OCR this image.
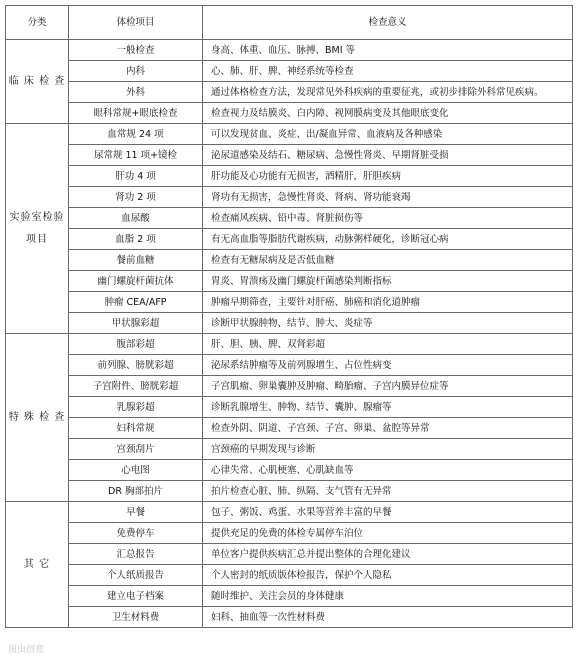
分类	体检项目	检查意义
临 床 检 查	一般检查	身高、体重、血压、脉搏、BMI 等
	内科	心、肺、肝、脾、神经系统等检查
	外科	通过体格检查方法，发现常见外科疾病的重要征兆，或初步排除外科常见疾病。
	眼科常规+眼底检查	检查视力及结膜炎、白内障、视网膜病变及其他眼底变化
实验室检验项目	血常规 24 项	可以发现贫血、炎症、出/凝血异常、血液病及各种感染
	尿常规 11 项+镜检	泌尿道感染及结石、糖尿病、急慢性肾炎、早期肾脏受损
	肝功 4 项	肝功能及心功能有无损害，酒精肝，肝胆疾病
	肾功 2 项	肾功有无损害，急慢性肾炎、肾病、肾功能衰竭
	血尿酸	检查痛风疾病、铅中毒、肾脏损伤等
	血脂 2 项	有无高血脂等脂肪代谢疾病，动脉粥样硬化，诊断冠心病
	餐前血糖	检查有无糖尿病及是否低血糖
	幽门螺旋杆菌抗体	胃炎、胃溃疡及幽门螺旋杆菌感染判断指标
	肿瘤 CEA/AFP	肿瘤早期筛查，主要针对肝癌、肺癌和消化道肿瘤
	甲状腺彩超	诊断甲状腺肿物、结节、肿大、炎症等
特 殊 检 查	腹部彩超	肝、胆、胰、脾、双肾彩超
	前列腺、膀胱彩超	泌尿系结肿瘤等及前列腺增生、占位性病变
	子宫附件、膀胱彩超	子宫肌瘤、卵巢囊肿及肿瘤、畸胎瘤、子宫内膜异位症等
	乳腺彩超	诊断乳腺增生、肿物、结节、囊肿、腺瘤等
	妇科常规	检查外阴、阴道、子宫颈、子宫、卵巢、盆腔等异常
	宫颈刮片	宫颈癌的早期发现与诊断
	心电图	心律失常、心肌梗塞、心肌缺血等
	DR 胸部拍片	拍片检查心脏、肺、纵隔、支气管有无异常
其 它	早餐	包子、粥饭、鸡蛋、水果等营养丰富的早餐
	免费停车	提供充足的免费的体检专属停车泊位
	汇总报告	单位客户提供疾病汇总并提出整体的合理化建议
	个人纸质报告	个人密封的纸质版体检报告，保护个人隐私
	建立电子档案	随时维护、关注会员的身体健康
	卫生材料费	妇科、抽血等一次性材料费
图虫创意
